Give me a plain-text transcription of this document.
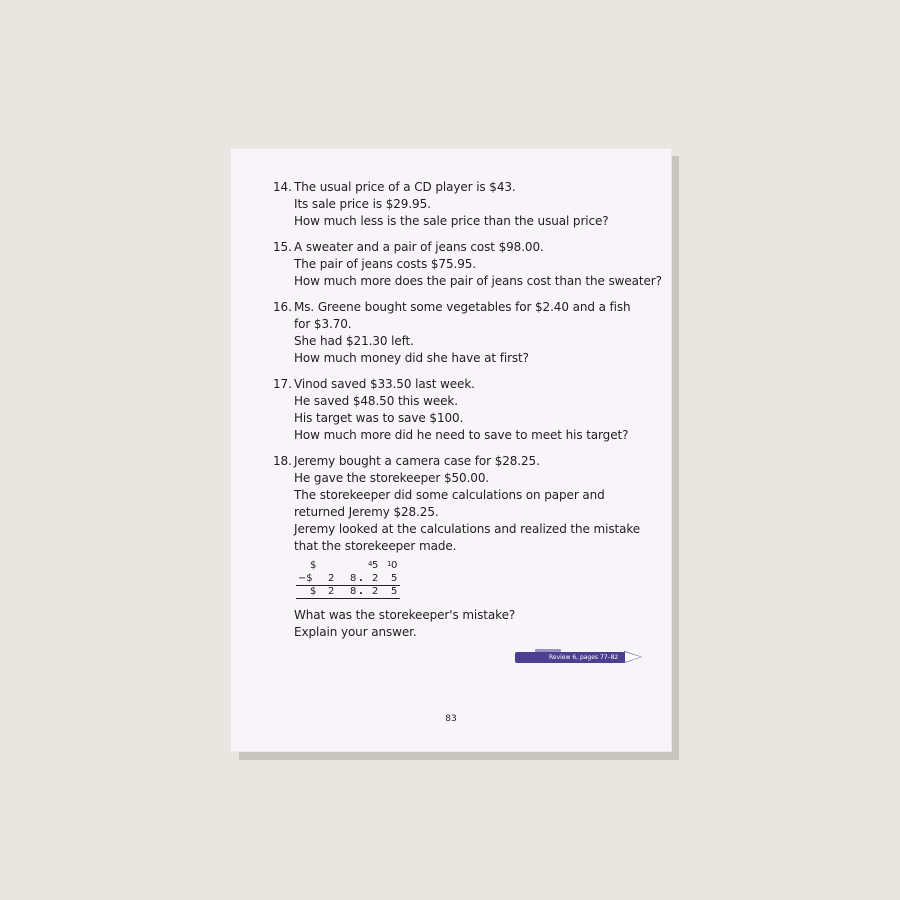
14. The usual price of a CD player is $43.
Its sale price is $29.95.
How much less is the sale price than the usual price?
15. A sweater and a pair of jeans cost $98.00.
The pair of jeans costs $75.95.
How much more does the pair of jeans cost than the sweater?
16. Ms. Greene bought some vegetables for $2.40 and a fish
for $3.70.
She had $21.30 left.
How much money did she have at first?
17. Vinod saved $33.50 last week.
He saved $48.50 this week.
His target was to save $100.
How much more did he need to save to meet his target?
18. Jeremy bought a camera case for $28.25.
He gave the storekeeper $50.00.
The storekeeper did some calculations on paper and returned Jeremy $28.25.
Jeremy looked at the calculations and realized the mistake that the storekeeper made.
$	4 5 1 0
−$ 2 8 . 2 5
$ 2 8 . 2 5
What was the storekeeper's mistake?
Explain your answer.
Review 6, pages 77–82
83
